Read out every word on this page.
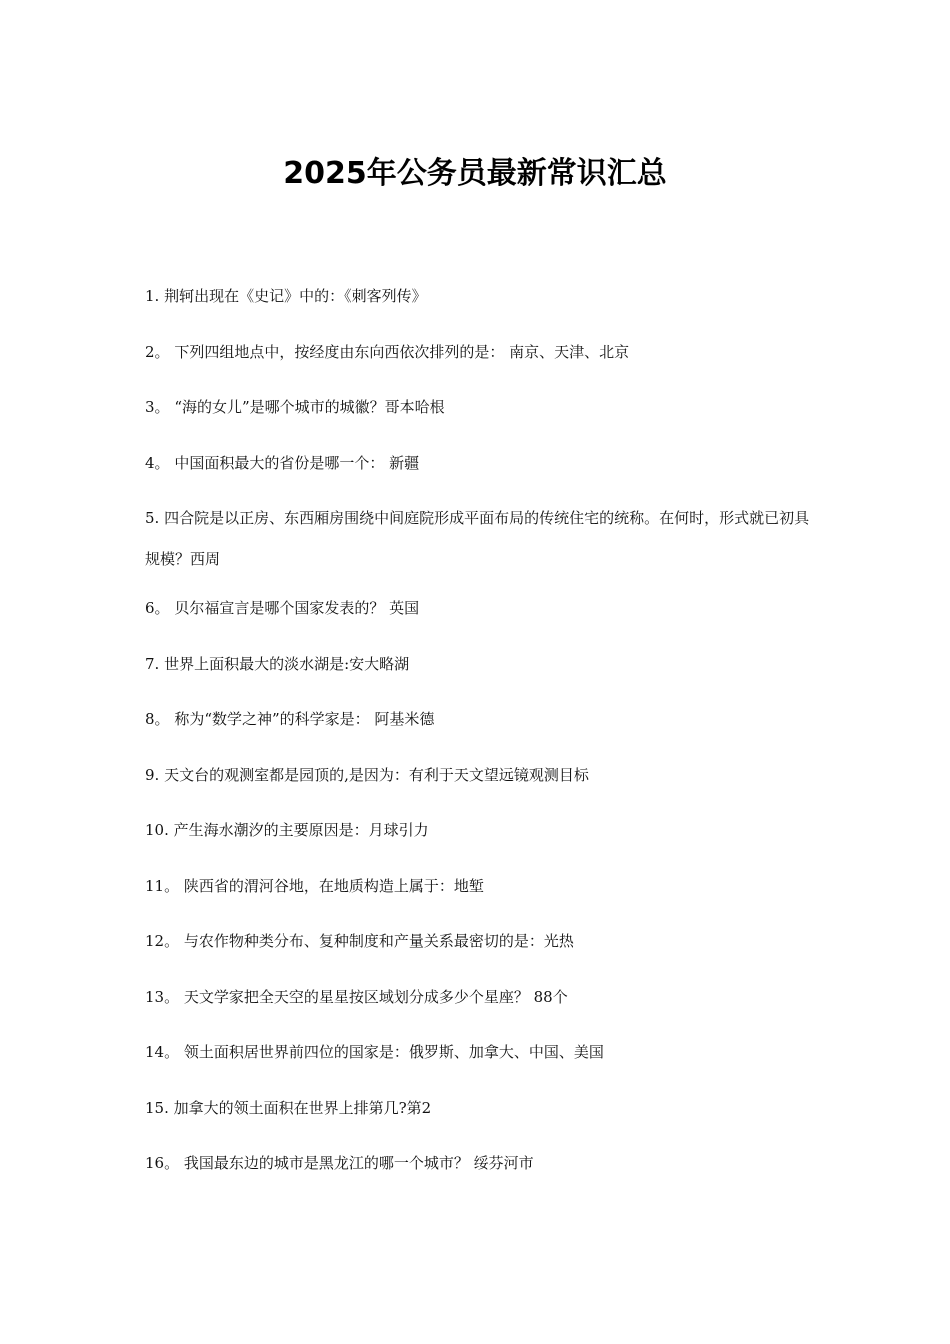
2025年公务员最新常识汇总
1. 荆轲出现在《史记》中的：《刺客列传》
2。 下列四组地点中，按经度由东向西依次排列的是： 南京、天津、北京
3。 “海的女儿”是哪个城市的城徽？哥本哈根
4。 中国面积最大的省份是哪一个： 新疆
5. 四合院是以正房、东西厢房围绕中间庭院形成平面布局的传统住宅的统称。在何时，形式就已初具规模？西周
6。 贝尔福宣言是哪个国家发表的？ 英国
7. 世界上面积最大的淡水湖是:安大略湖
8。 称为“数学之神”的科学家是： 阿基米德
9. 天文台的观测室都是园顶的,是因为：有利于天文望远镜观测目标
10. 产生海水潮汐的主要原因是：月球引力
11。 陕西省的渭河谷地，在地质构造上属于：地堑
12。 与农作物种类分布、复种制度和产量关系最密切的是：光热
13。 天文学家把全天空的星星按区域划分成多少个星座？ 88个
14。 领土面积居世界前四位的国家是：俄罗斯、加拿大、中国、美国
15. 加拿大的领土面积在世界上排第几?第2
16。 我国最东边的城市是黑龙江的哪一个城市？ 绥芬河市
